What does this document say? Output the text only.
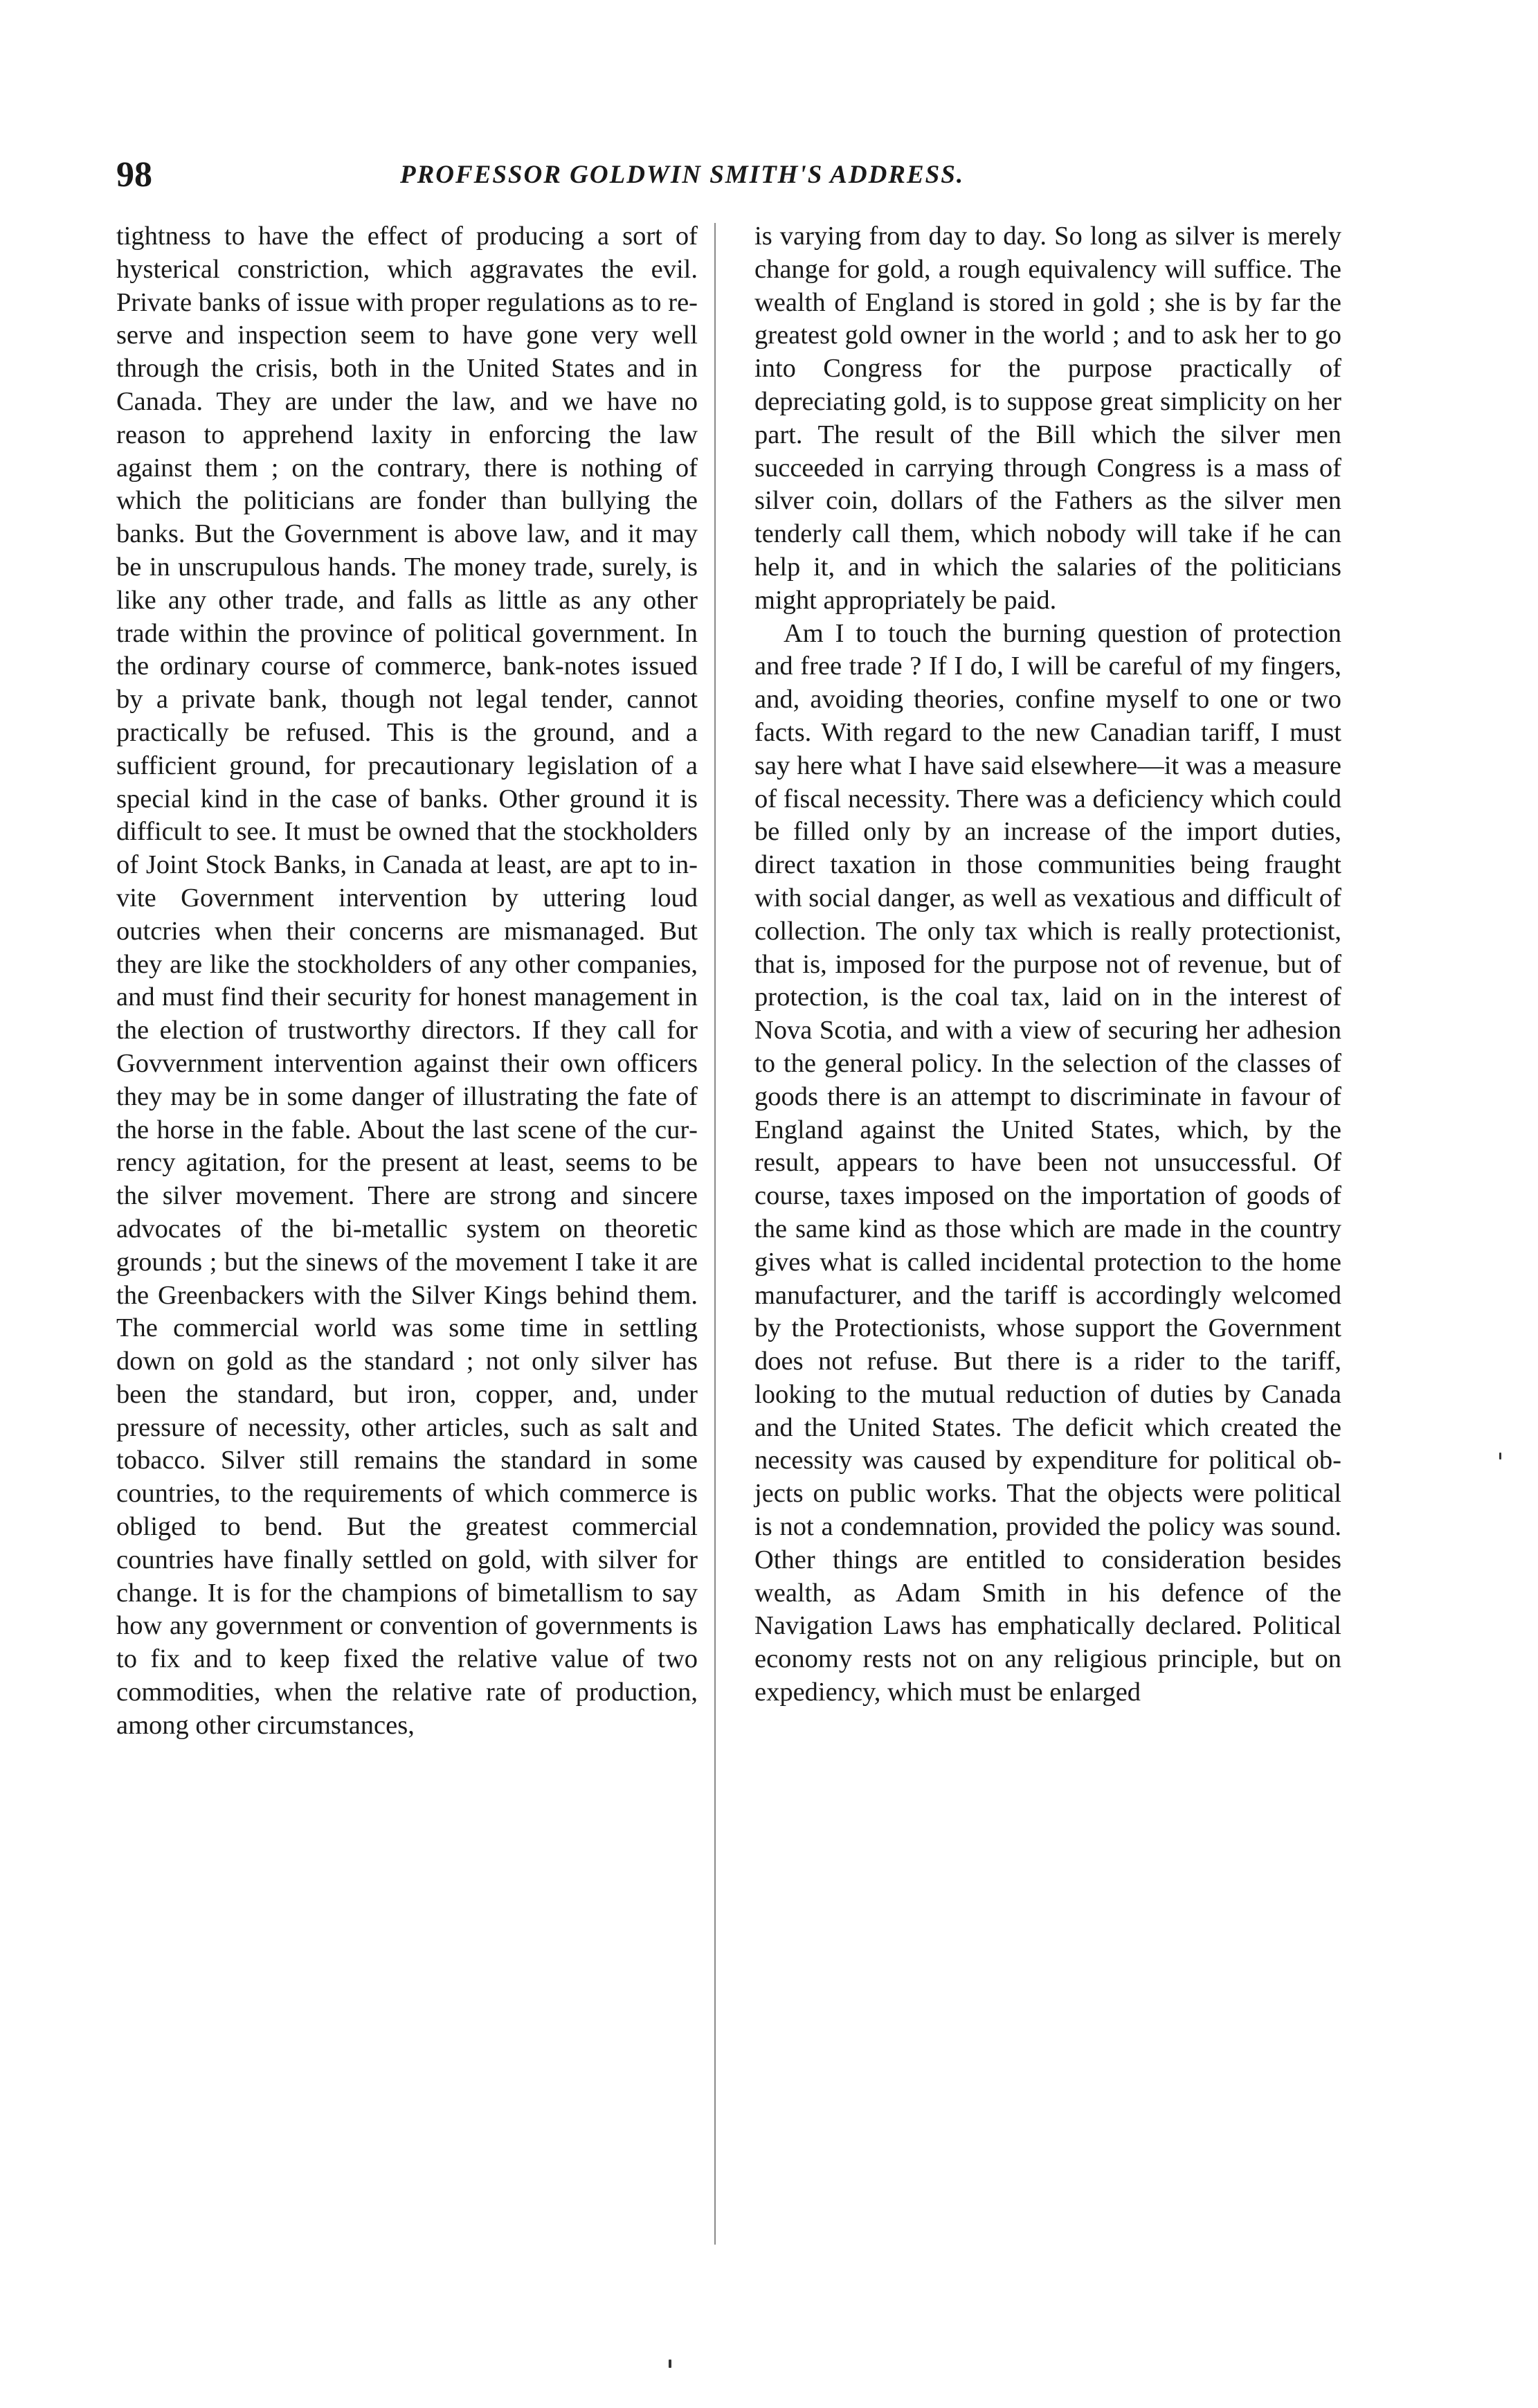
98	PROFESSOR GOLDWIN SMITH'S ADDRESS.

tightness to have the effect of producing a sort of hysterical constriction, which aggravates the evil. Private banks of issue with proper regulations as to reserve and inspection seem to have gone very well through the crisis, both in the United States and in Canada. They are under the law, and we have no reason to apprehend laxity in enforcing the law against them ; on the contrary, there is nothing of which the politicians are fonder than bullying the banks. But the Government is above law, and it may be in unscrupulous hands. The money trade, surely, is like any other trade, and falls as little as any other trade within the province of political government. In the ordinary course of commerce, bank-notes issued by a private bank, though not legal tender, cannot practically be refused. This is the ground, and a sufficient ground, for precautionary legislation of a special kind in the case of banks. Other ground it is difficult to see. It must be owned that the stockholders of Joint Stock Banks, in Canada at least, are apt to invite Government intervention by uttering loud outcries when their concerns are mismanaged. But they are like the stockholders of any other companies, and must find their security for honest management in the election of trustworthy directors. If they call for Govvernment intervention against their own officers they may be in some danger of illustrating the fate of the horse in the fable. About the last scene of the currency agitation, for the present at least, seems to be the silver movement. There are strong and sincere advocates of the bi-metallic system on theoretic grounds ; but the sinews of the movement I take it are the Greenbackers with the Silver Kings behind them. The commercial world was some time in settling down on gold as the standard ; not only silver has been the standard, but iron, copper, and, under pressure of necessity, other articles, such as salt and tobacco. Silver still remains the standard in some countries, to the requirements of which commerce is obliged to bend. But the greatest commercial countries have finally settled on gold, with silver for change. It is for the champions of bimetallism to say how any government or convention of governments is to fix and to keep fixed the relative value of two commodities, when the relative rate of production, among other circumstances,

is varying from day to day. So long as silver is merely change for gold, a rough equivalency will suffice. The wealth of England is stored in gold ; she is by far the greatest gold owner in the world ; and to ask her to go into Congress for the purpose practically of depreciating gold, is to suppose great simplicity on her part. The result of the Bill which the silver men succeeded in carrying through Congress is a mass of silver coin, dollars of the Fathers as the silver men tenderly call them, which nobody will take if he can help it, and in which the salaries of the politicians might appropriately be paid.

Am I to touch the burning question of protection and free trade ? If I do, I will be careful of my fingers, and, avoiding theories, confine myself to one or two facts. With regard to the new Canadian tariff, I must say here what I have said elsewhere—it was a measure of fiscal necessity. There was a deficiency which could be filled only by an increase of the import duties, direct taxation in those communities being fraught with social danger, as well as vexatious and difficult of collection. The only tax which is really protectionist, that is, imposed for the purpose not of revenue, but of protection, is the coal tax, laid on in the interest of Nova Scotia, and with a view of securing her adhesion to the general policy. In the selection of the classes of goods there is an attempt to discriminate in favour of England against the United States, which, by the result, appears to have been not unsuccessful. Of course, taxes imposed on the importation of goods of the same kind as those which are made in the country gives what is called incidental protection to the home manufacturer, and the tariff is accordingly welcomed by the Protectionists, whose support the Government does not refuse. But there is a rider to the tariff, looking to the mutual reduction of duties by Canada and the United States. The deficit which created the necessity was caused by expenditure for political objects on public works. That the objects were political is not a condemnation, provided the policy was sound. Other things are entitled to consideration besides wealth, as Adam Smith in his defence of the Navigation Laws has emphatically declared. Political economy rests not on any religious principle, but on expediency, which must be enlarged
